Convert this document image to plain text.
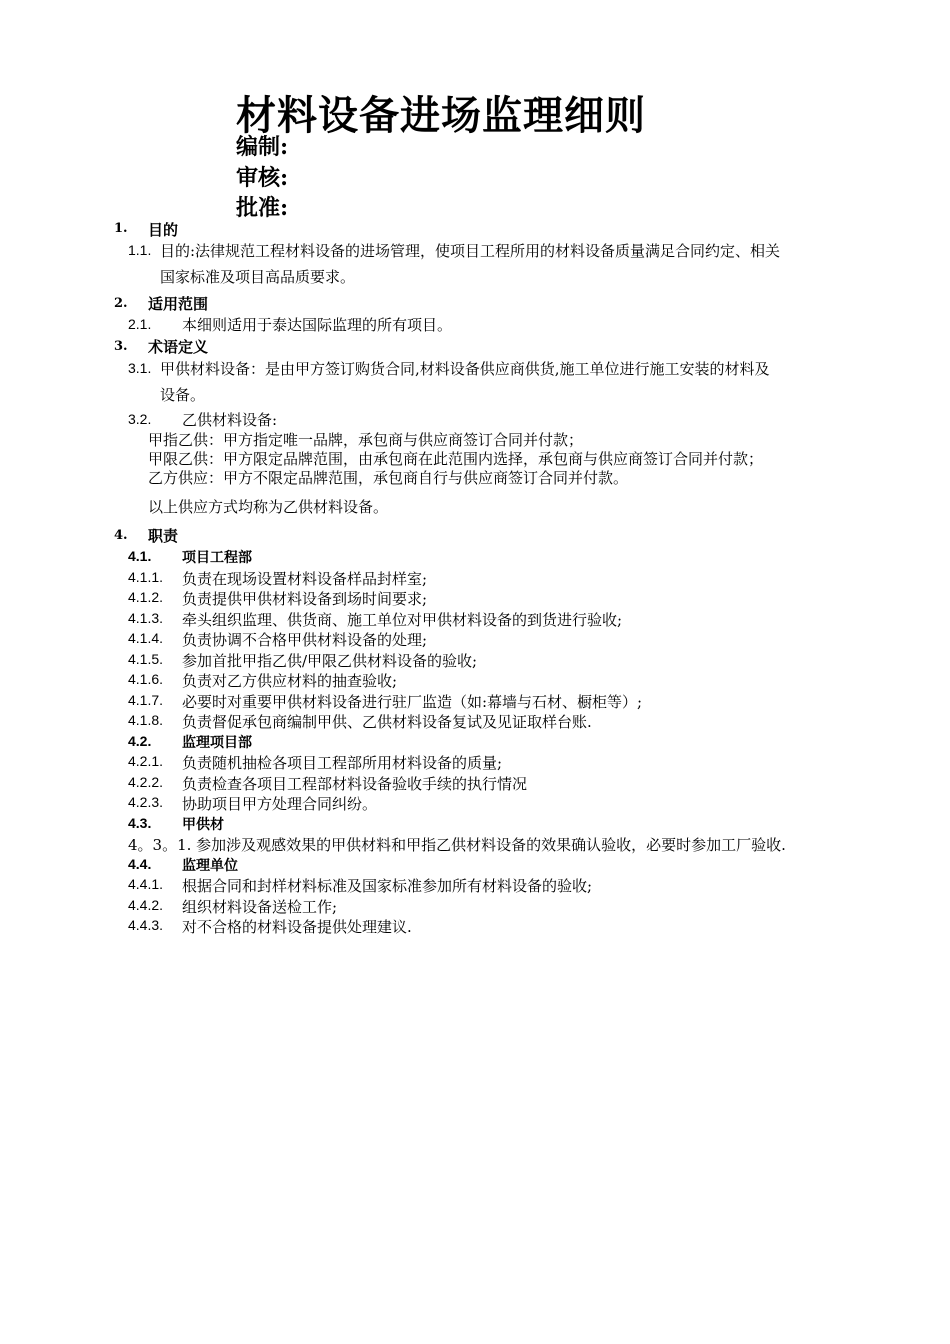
材料设备进场监理细则
编制:
审核:
批准:
1. 目的
1.1. 目的:法律规范工程材料设备的进场管理，使项目工程所用的材料设备质量满足合同约定、相关
国家标准及项目高品质要求。
2. 适用范围
2.1. 本细则适用于泰达国际监理的所有项目。
3. 术语定义
3.1. 甲供材料设备：是由甲方签订购货合同,材料设备供应商供货,施工单位进行施工安装的材料及
设备。
3.2. 乙供材料设备:
甲指乙供：甲方指定唯一品牌，承包商与供应商签订合同并付款；
甲限乙供：甲方限定品牌范围，由承包商在此范围内选择，承包商与供应商签订合同并付款；
乙方供应：甲方不限定品牌范围，承包商自行与供应商签订合同并付款。
以上供应方式均称为乙供材料设备。
4. 职责
4.1. 项目工程部
4.1.1. 负责在现场设置材料设备样品封样室;
4.1.2. 负责提供甲供材料设备到场时间要求;
4.1.3. 牵头组织监理、供货商、施工单位对甲供材料设备的到货进行验收;
4.1.4. 负责协调不合格甲供材料设备的处理;
4.1.5. 参加首批甲指乙供/甲限乙供材料设备的验收;
4.1.6. 负责对乙方供应材料的抽查验收;
4.1.7. 必要时对重要甲供材料设备进行驻厂监造（如:幕墙与石材、橱柜等）;
4.1.8. 负责督促承包商编制甲供、乙供材料设备复试及见证取样台账.
4.2. 监理项目部
4.2.1. 负责随机抽检各项目工程部所用材料设备的质量;
4.2.2. 负责检查各项目工程部材料设备验收手续的执行情况
4.2.3. 协助项目甲方处理合同纠纷。
4.3. 甲供材
4。3。1. 参加涉及观感效果的甲供材料和甲指乙供材料设备的效果确认验收，必要时参加工厂验收.
4.4. 监理单位
4.4.1. 根据合同和封样材料标准及国家标准参加所有材料设备的验收;
4.4.2. 组织材料设备送检工作;
4.4.3. 对不合格的材料设备提供处理建议.
